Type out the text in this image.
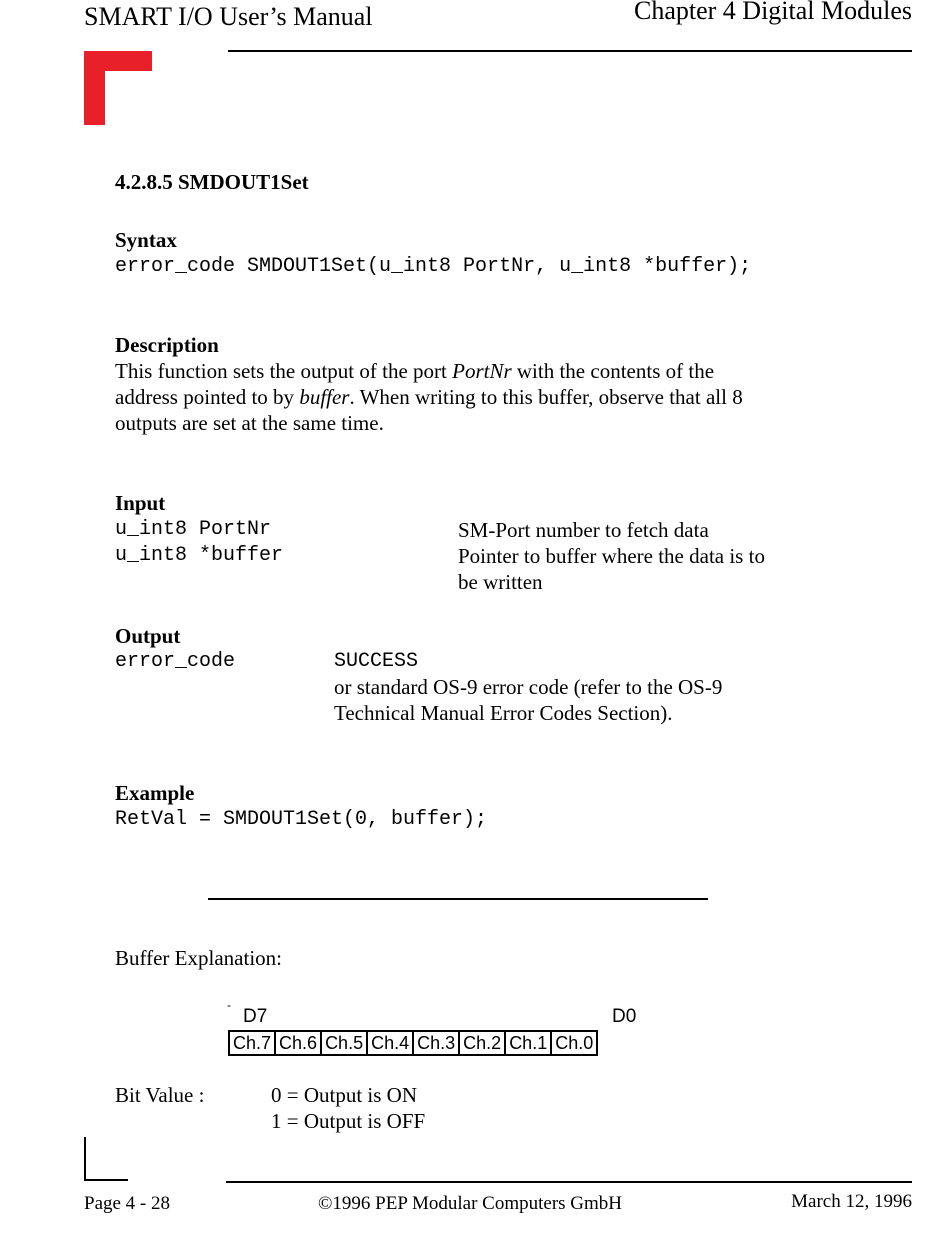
SMART I/O User’s Manual	Chapter 4 Digital Modules
4.2.8.5 SMDOUT1Set
Syntax
error_code SMDOUT1Set(u_int8 PortNr, u_int8 *buffer);
Description
This function sets the output of the port PortNr with the contents of the
address pointed to by buffer. When writing to this buffer, observe that all 8
outputs are set at the same time.
Input
u_int8 PortNr	SM-Port number to fetch data
u_int8 *buffer	Pointer to buffer where the data is to
be written
Output
error_code	SUCCESS
or standard OS-9 error code (refer to the OS-9
Technical Manual Error Codes Section).
Example
RetVal = SMDOUT1Set(0, buffer);
Buffer Explanation:
-
D7	D0
Ch.7	Ch.6	Ch.5	Ch.4	Ch.3	Ch.2	Ch.1	Ch.0
Bit Value :	0 = Output is ON
1 = Output is OFF
Page 4 - 28	©1996 PEP Modular Computers GmbH	March 12, 1996
